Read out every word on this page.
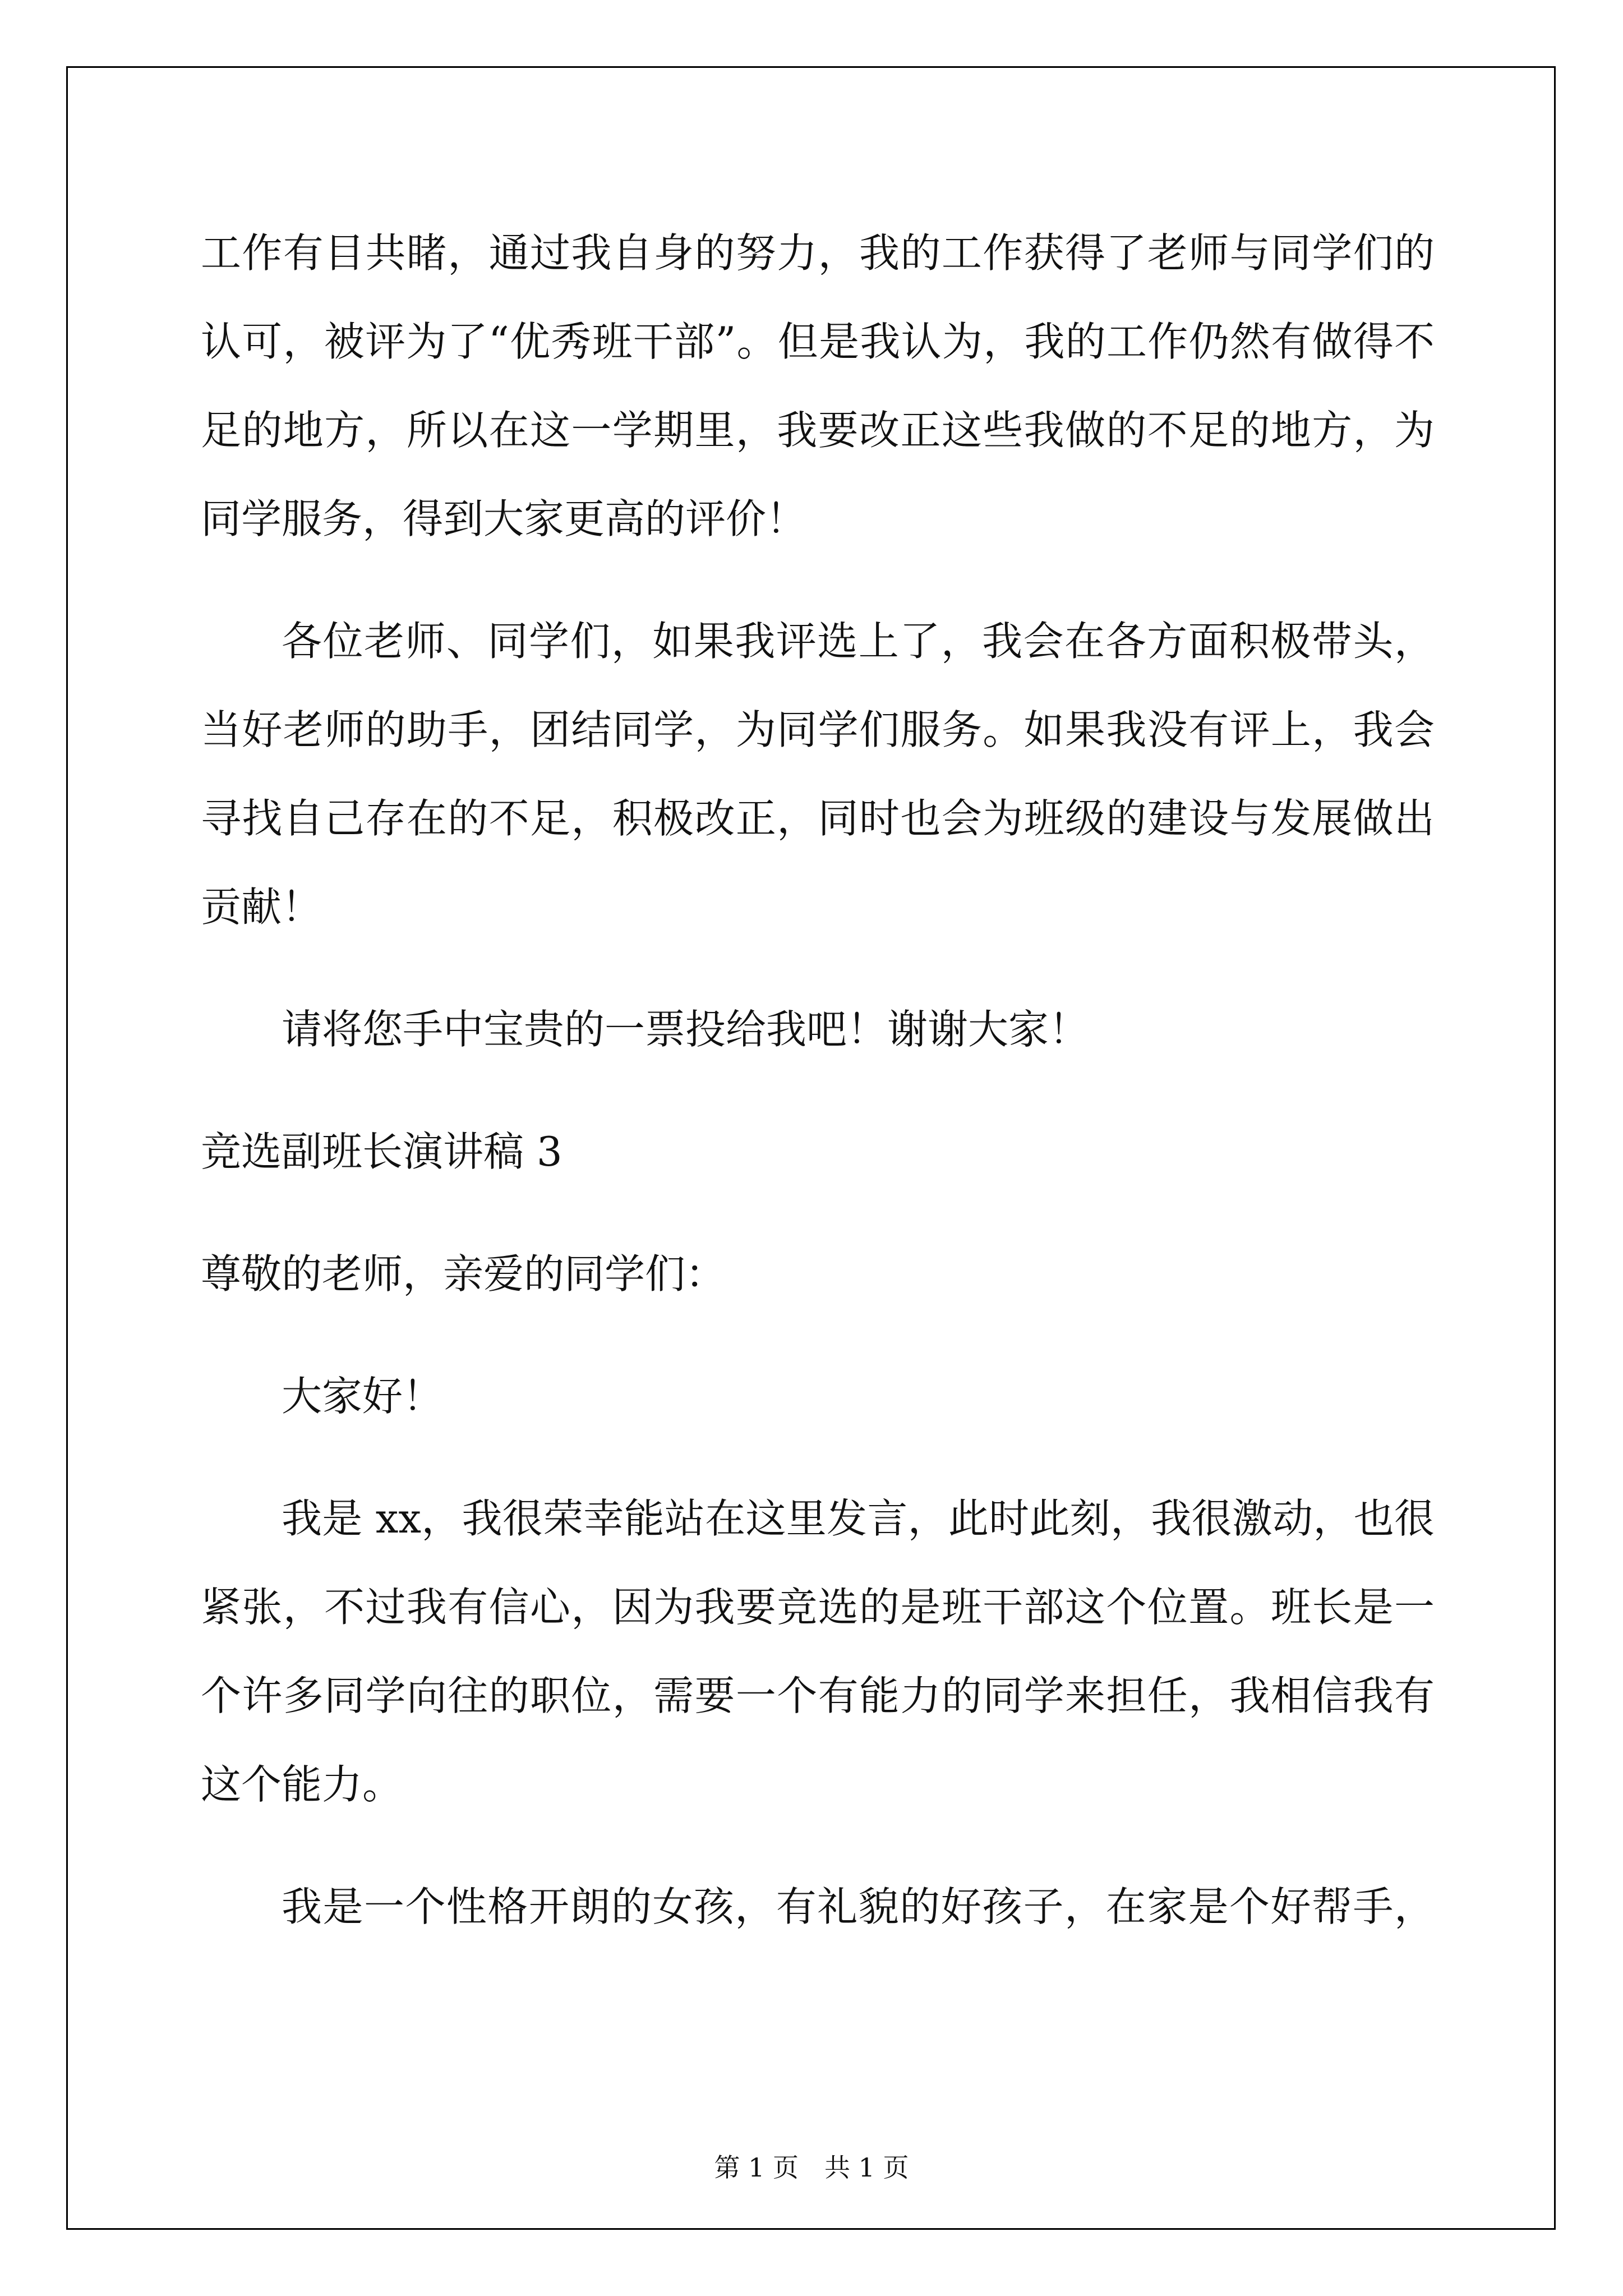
工作有目共睹，通过我自身的努力，我的工作获得了老师与同学们的
认可，被评为了“优秀班干部”。但是我认为，我的工作仍然有做得不
足的地方，所以在这一学期里，我要改正这些我做的不足的地方，为
同学服务，得到大家更高的评价！
各位老师、同学们，如果我评选上了，我会在各方面积极带头，
当好老师的助手，团结同学，为同学们服务。如果我没有评上，我会
寻找自己存在的不足，积极改正，同时也会为班级的建设与发展做出
贡献！
请将您手中宝贵的一票投给我吧！谢谢大家！
竞选副班长演讲稿 3
尊敬的老师，亲爱的同学们：
大家好！
我是 xx，我很荣幸能站在这里发言，此时此刻，我很激动，也很
紧张，不过我有信心，因为我要竞选的是班干部这个位置。班长是一
个许多同学向往的职位，需要一个有能力的同学来担任，我相信我有
这个能力。
我是一个性格开朗的女孩，有礼貌的好孩子，在家是个好帮手，
第 1 页 共 1 页
